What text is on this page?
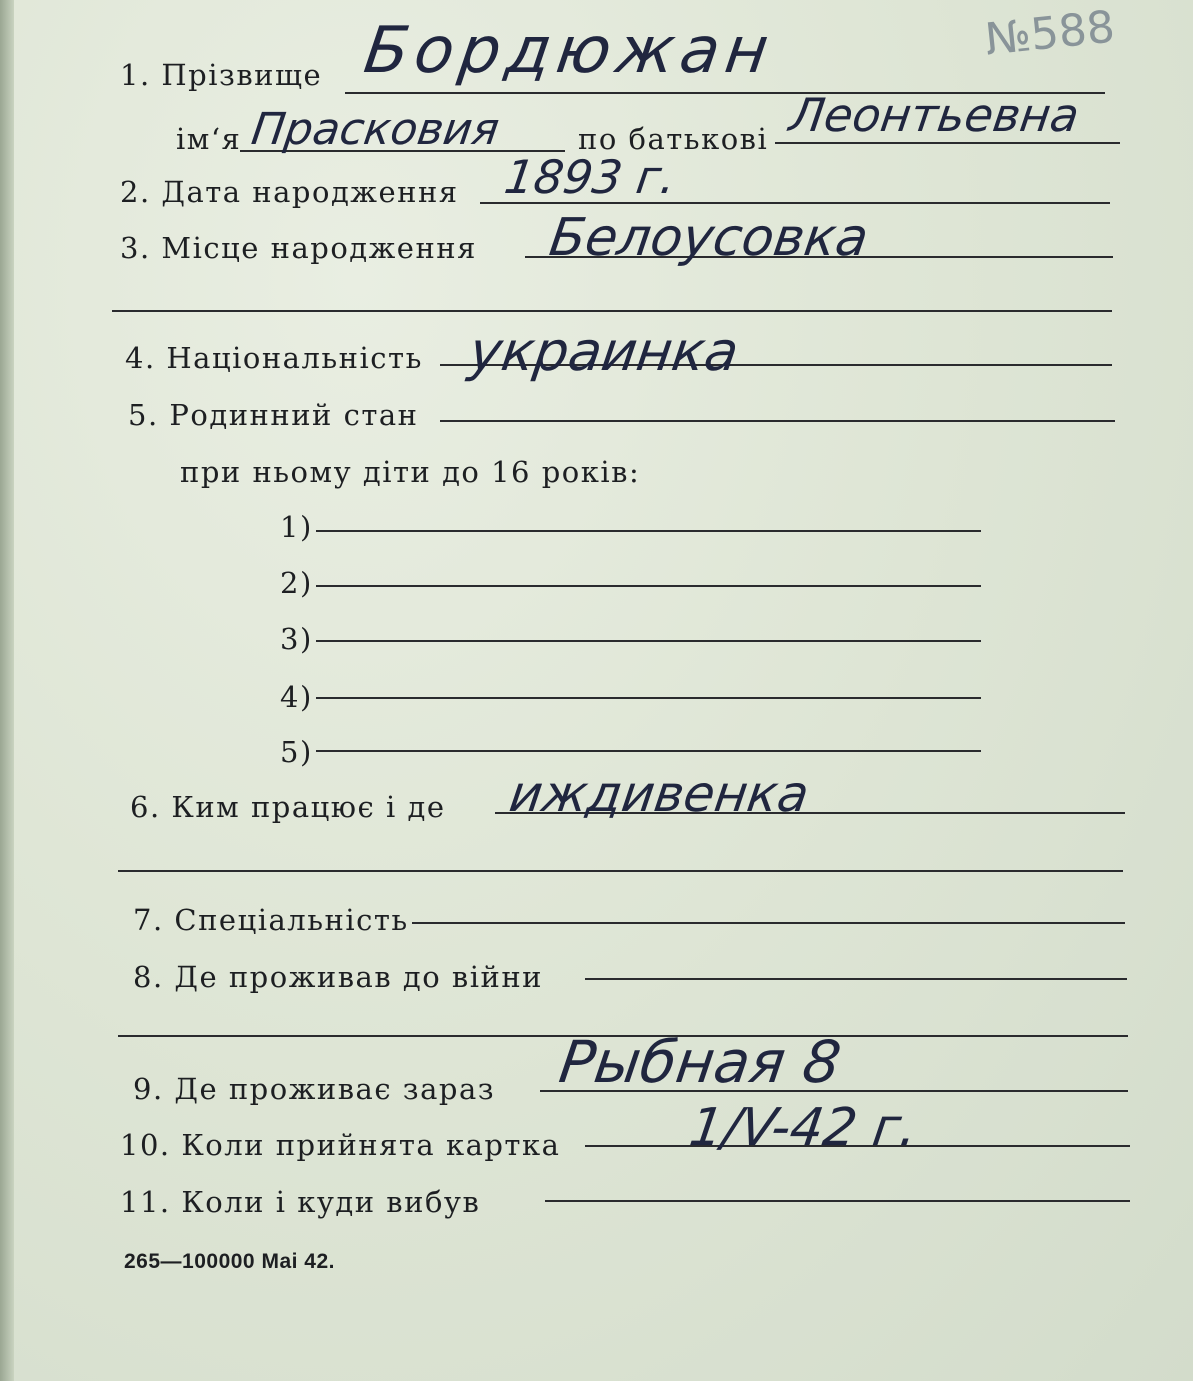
№588
1. Прізвище Бордюжан
ім‘я Прасковия	по батькові Леонтьевна
2. Дата народження 1893 г.
3. Місце народження Белоусовка
4. Національність украинка
5. Родинний стан
при ньому діти до 16 років:
1)
2)
3)
4)
5)
6. Ким працює і де иждивенка
7. Спеціальність
8. Де проживав до війни
9. Де проживає зараз Рыбная 8
10. Коли прийнята картка 1/V-42 г.
11. Коли і куди вибув
265—100000 Mai 42.
